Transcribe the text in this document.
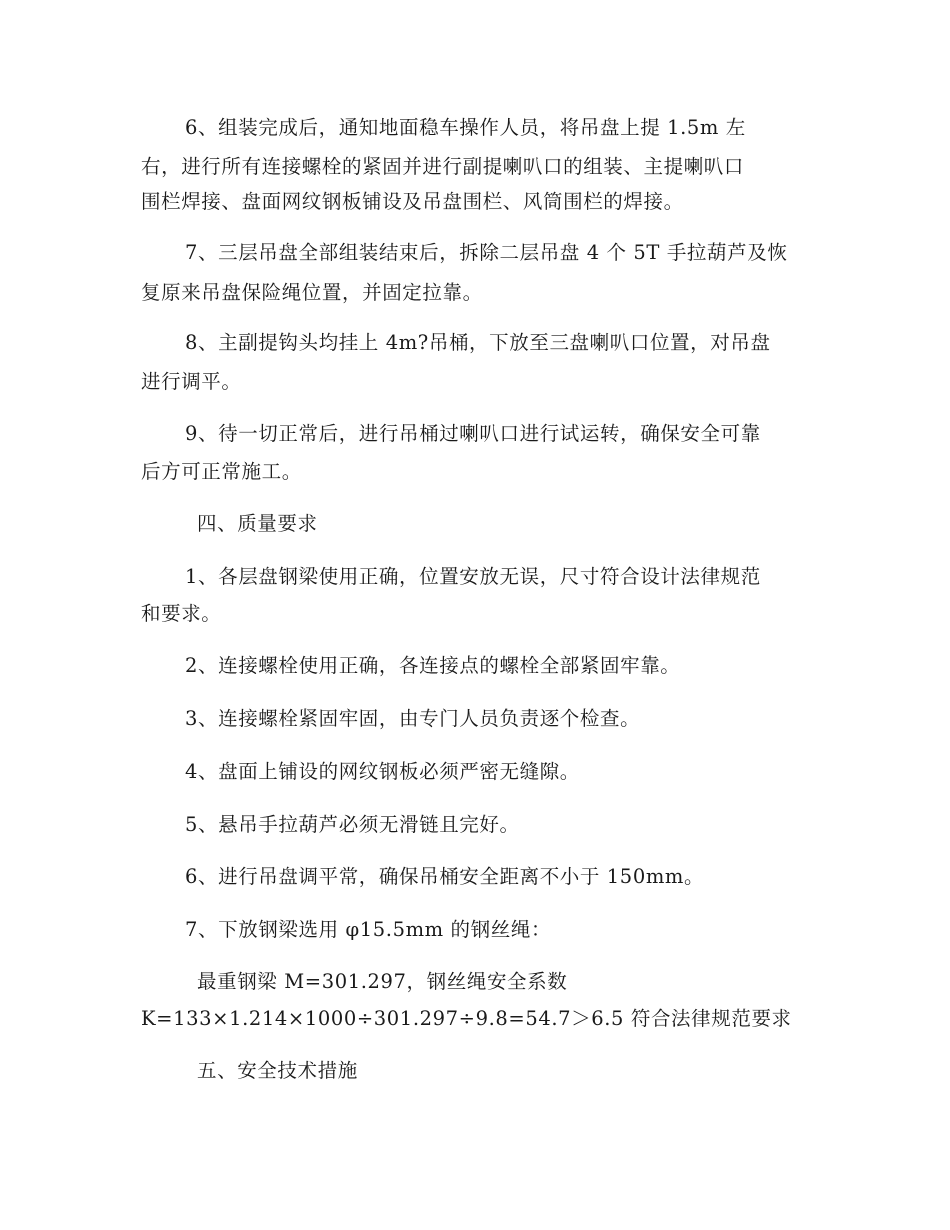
6、组装完成后，通知地面稳车操作人员，将吊盘上提 1.5m 左
右，进行所有连接螺栓的紧固并进行副提喇叭口的组装、主提喇叭口
围栏焊接、盘面网纹钢板铺设及吊盘围栏、风筒围栏的焊接。
7、三层吊盘全部组装结束后，拆除二层吊盘 4 个 5T 手拉葫芦及恢
复原来吊盘保险绳位置，并固定拉靠。
8、主副提钩头均挂上 4m?吊桶，下放至三盘喇叭口位置，对吊盘
进行调平。
9、待一切正常后，进行吊桶过喇叭口进行试运转，确保安全可靠
后方可正常施工。
四、质量要求
1、各层盘钢梁使用正确，位置安放无误，尺寸符合设计法律规范
和要求。
2、连接螺栓使用正确，各连接点的螺栓全部紧固牢靠。
3、连接螺栓紧固牢固，由专门人员负责逐个检查。
4、盘面上铺设的网纹钢板必须严密无缝隙。
5、悬吊手拉葫芦必须无滑链且完好。
6、进行吊盘调平常，确保吊桶安全距离不小于 150mm。
7、下放钢梁选用 φ15.5mm 的钢丝绳：
最重钢梁 M=301.297，钢丝绳安全系数
K=133×1.214×1000÷301.297÷9.8=54.7＞6.5 符合法律规范要求
五、安全技术措施
